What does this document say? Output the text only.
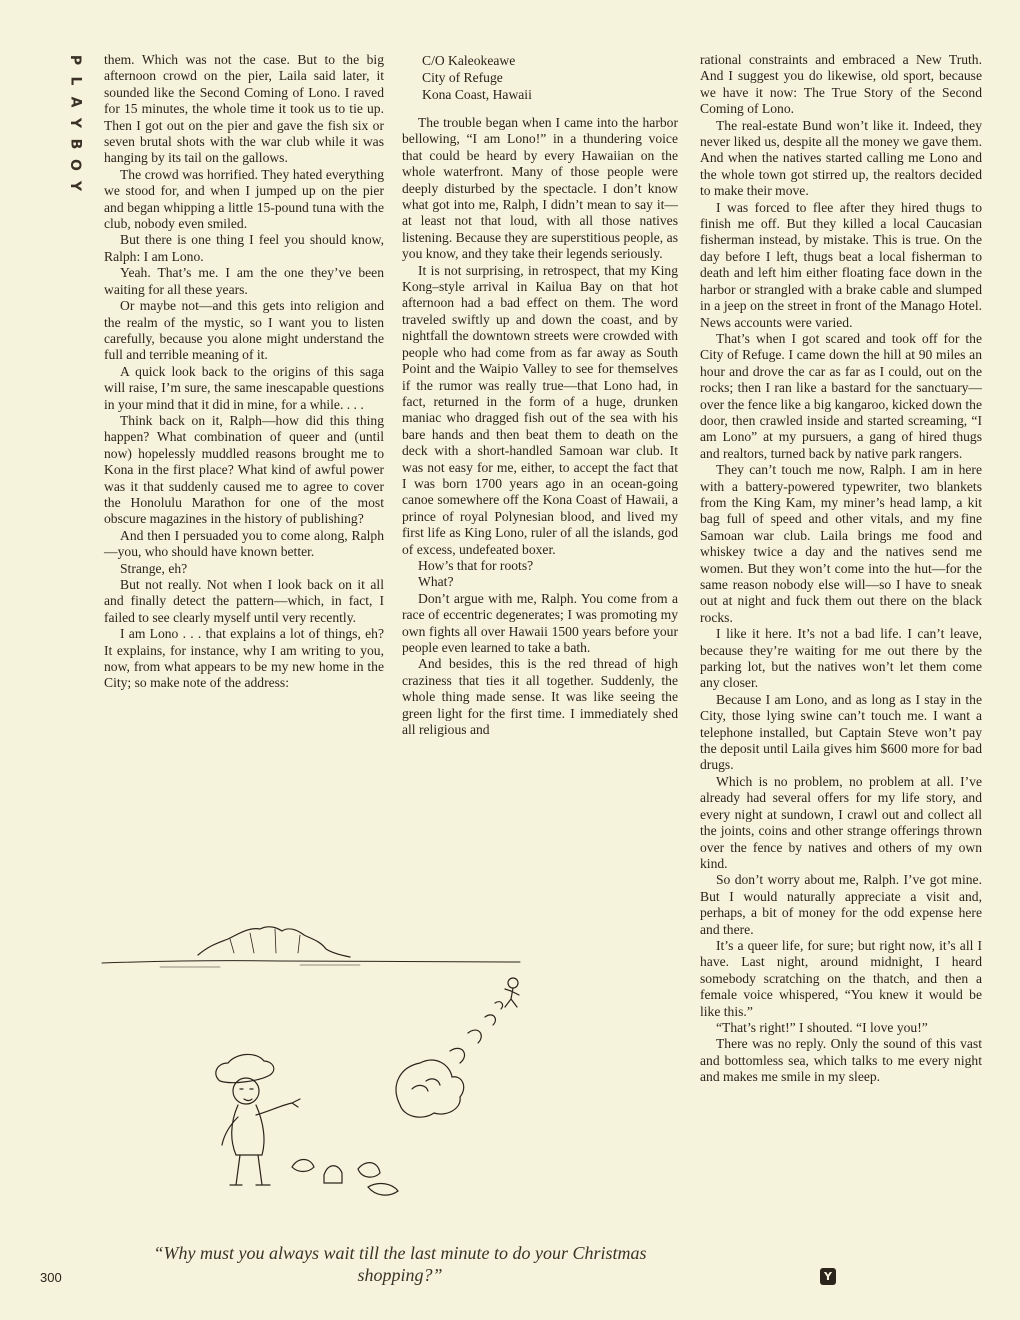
P
L
A
Y
B
O
Y

them. Which was not the case. But to the big afternoon crowd on the pier, Laila said later, it sounded like the Second Coming of Lono. I raved for 15 minutes, the whole time it took us to tie up. Then I got out on the pier and gave the fish six or seven brutal shots with the war club while it was hanging by its tail on the gallows.

The crowd was horrified. They hated everything we stood for, and when I jumped up on the pier and began whipping a little 15-pound tuna with the club, nobody even smiled.

But there is one thing I feel you should know, Ralph: I am Lono.

Yeah. That’s me. I am the one they’ve been waiting for all these years.

Or maybe not—and this gets into religion and the realm of the mystic, so I want you to listen carefully, because you alone might understand the full and terrible meaning of it.

A quick look back to the origins of this saga will raise, I’m sure, the same inescapable questions in your mind that it did in mine, for a while. . . .

Think back on it, Ralph—how did this thing happen? What combination of queer and (until now) hopelessly muddled reasons brought me to Kona in the first place? What kind of awful power was it that suddenly caused me to agree to cover the Honolulu Marathon for one of the most obscure magazines in the history of publishing?

And then I persuaded you to come along, Ralph—you, who should have known better.

Strange, eh?

But not really. Not when I look back on it all and finally detect the pattern—which, in fact, I failed to see clearly myself until very recently.

I am Lono . . . that explains a lot of things, eh? It explains, for instance, why I am writing to you, now, from what appears to be my new home in the City; so make note of the address:

C/O Kaleokeawe
City of Refuge
Kona Coast, Hawaii

The trouble began when I came into the harbor bellowing, “I am Lono!” in a thundering voice that could be heard by every Hawaiian on the whole waterfront. Many of those people were deeply disturbed by the spectacle. I don’t know what got into me, Ralph, I didn’t mean to say it—at least not that loud, with all those natives listening. Because they are superstitious people, as you know, and they take their legends seriously.

It is not surprising, in retrospect, that my King Kong–style arrival in Kailua Bay on that hot afternoon had a bad effect on them. The word traveled swiftly up and down the coast, and by nightfall the downtown streets were crowded with people who had come from as far away as South Point and the Waipio Valley to see for themselves if the rumor was really true—that Lono had, in fact, returned in the form of a huge, drunken maniac who dragged fish out of the sea with his bare hands and then beat them to death on the deck with a short-handled Samoan war club. It was not easy for me, either, to accept the fact that I was born 1700 years ago in an ocean-going canoe somewhere off the Kona Coast of Hawaii, a prince of royal Polynesian blood, and lived my first life as King Lono, ruler of all the islands, god of excess, undefeated boxer.

How’s that for roots?

What?

Don’t argue with me, Ralph. You come from a race of eccentric degenerates; I was promoting my own fights all over Hawaii 1500 years before your people even learned to take a bath.

And besides, this is the red thread of high craziness that ties it all together. Suddenly, the whole thing made sense. It was like seeing the green light for the first time. I immediately shed all religious and

rational constraints and embraced a New Truth. And I suggest you do likewise, old sport, because we have it now: The True Story of the Second Coming of Lono.

The real-estate Bund won’t like it. Indeed, they never liked us, despite all the money we gave them. And when the natives started calling me Lono and the whole town got stirred up, the realtors decided to make their move.

I was forced to flee after they hired thugs to finish me off. But they killed a local Caucasian fisherman instead, by mistake. This is true. On the day before I left, thugs beat a local fisherman to death and left him either floating face down in the harbor or strangled with a brake cable and slumped in a jeep on the street in front of the Manago Hotel. News accounts were varied.

That’s when I got scared and took off for the City of Refuge. I came down the hill at 90 miles an hour and drove the car as far as I could, out on the rocks; then I ran like a bastard for the sanctuary—over the fence like a big kangaroo, kicked down the door, then crawled inside and started screaming, “I am Lono” at my pursuers, a gang of hired thugs and realtors, turned back by native park rangers.

They can’t touch me now, Ralph. I am in here with a battery-powered typewriter, two blankets from the King Kam, my miner’s head lamp, a kit bag full of speed and other vitals, and my fine Samoan war club. Laila brings me food and whiskey twice a day and the natives send me women. But they won’t come into the hut—for the same reason nobody else will—so I have to sneak out at night and fuck them out there on the black rocks.

I like it here. It’s not a bad life. I can’t leave, because they’re waiting for me out there by the parking lot, but the natives won’t let them come any closer.

Because I am Lono, and as long as I stay in the City, those lying swine can’t touch me. I want a telephone installed, but Captain Steve won’t pay the deposit until Laila gives him $600 more for bad drugs.

Which is no problem, no problem at all. I’ve already had several offers for my life story, and every night at sundown, I crawl out and collect all the joints, coins and other strange offerings thrown over the fence by natives and others of my own kind.

So don’t worry about me, Ralph. I’ve got mine. But I would naturally appreciate a visit and, perhaps, a bit of money for the odd expense here and there.

It’s a queer life, for sure; but right now, it’s all I have. Last night, around midnight, I heard somebody scratching on the thatch, and then a female voice whispered, “You knew it would be like this.”

“That’s right!” I shouted. “I love you!”

There was no reply. Only the sound of this vast and bottomless sea, which talks to me every night and makes me smile in my sleep.

“Why must you always wait till the last minute to do your Christmas shopping?”
300	Y
